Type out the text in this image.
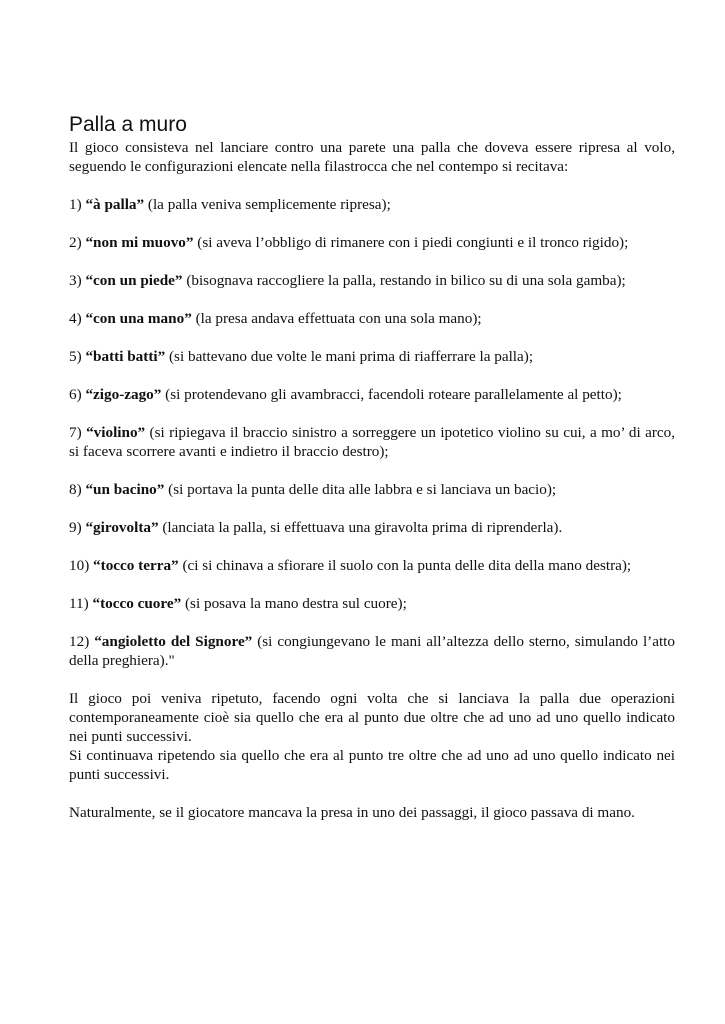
Palla a muro

Il gioco consisteva nel lanciare contro una parete una palla che doveva essere ripresa al volo, seguendo le configurazioni elencate nella filastrocca che nel contempo si recitava:

1) “à palla” (la palla veniva semplicemente ripresa);

2) “non mi muovo” (si aveva l’obbligo di rimanere con i piedi congiunti e il tronco rigido);

3) “con un piede” (bisognava raccogliere la palla, restando in bilico su di una sola gamba);

4) “con una mano” (la presa andava effettuata con una sola mano);

5) “batti batti” (si battevano due volte le mani prima di riafferrare la palla);

6) “zigo-zago” (si protendevano gli avambracci, facendoli roteare parallelamente al petto);

7) “violino” (si ripiegava il braccio sinistro a sorreggere un ipotetico violino su cui, a mo’ di arco, si faceva scorrere avanti e indietro il braccio destro);

8) “un bacino” (si portava la punta delle dita alle labbra e si lanciava un bacio);

9) “girovolta” (lanciata la palla, si effettuava una giravolta prima di riprenderla).

10) “tocco terra” (ci si chinava a sfiorare il suolo con la punta delle dita della mano destra);

11) “tocco cuore” (si posava la mano destra sul cuore);

12) “angioletto del Signore” (si congiungevano le mani all’altezza dello sterno, simulando l’atto della preghiera)."

Il gioco poi veniva ripetuto, facendo ogni volta che si lanciava la palla due operazioni contemporaneamente cioè sia quello che era al punto due oltre che ad uno ad uno quello indicato nei punti successivi.

Si continuava ripetendo sia quello che era al punto tre oltre che ad uno ad uno quello indicato nei punti successivi.

Naturalmente, se il giocatore mancava la presa in uno dei passaggi, il gioco passava di mano.
